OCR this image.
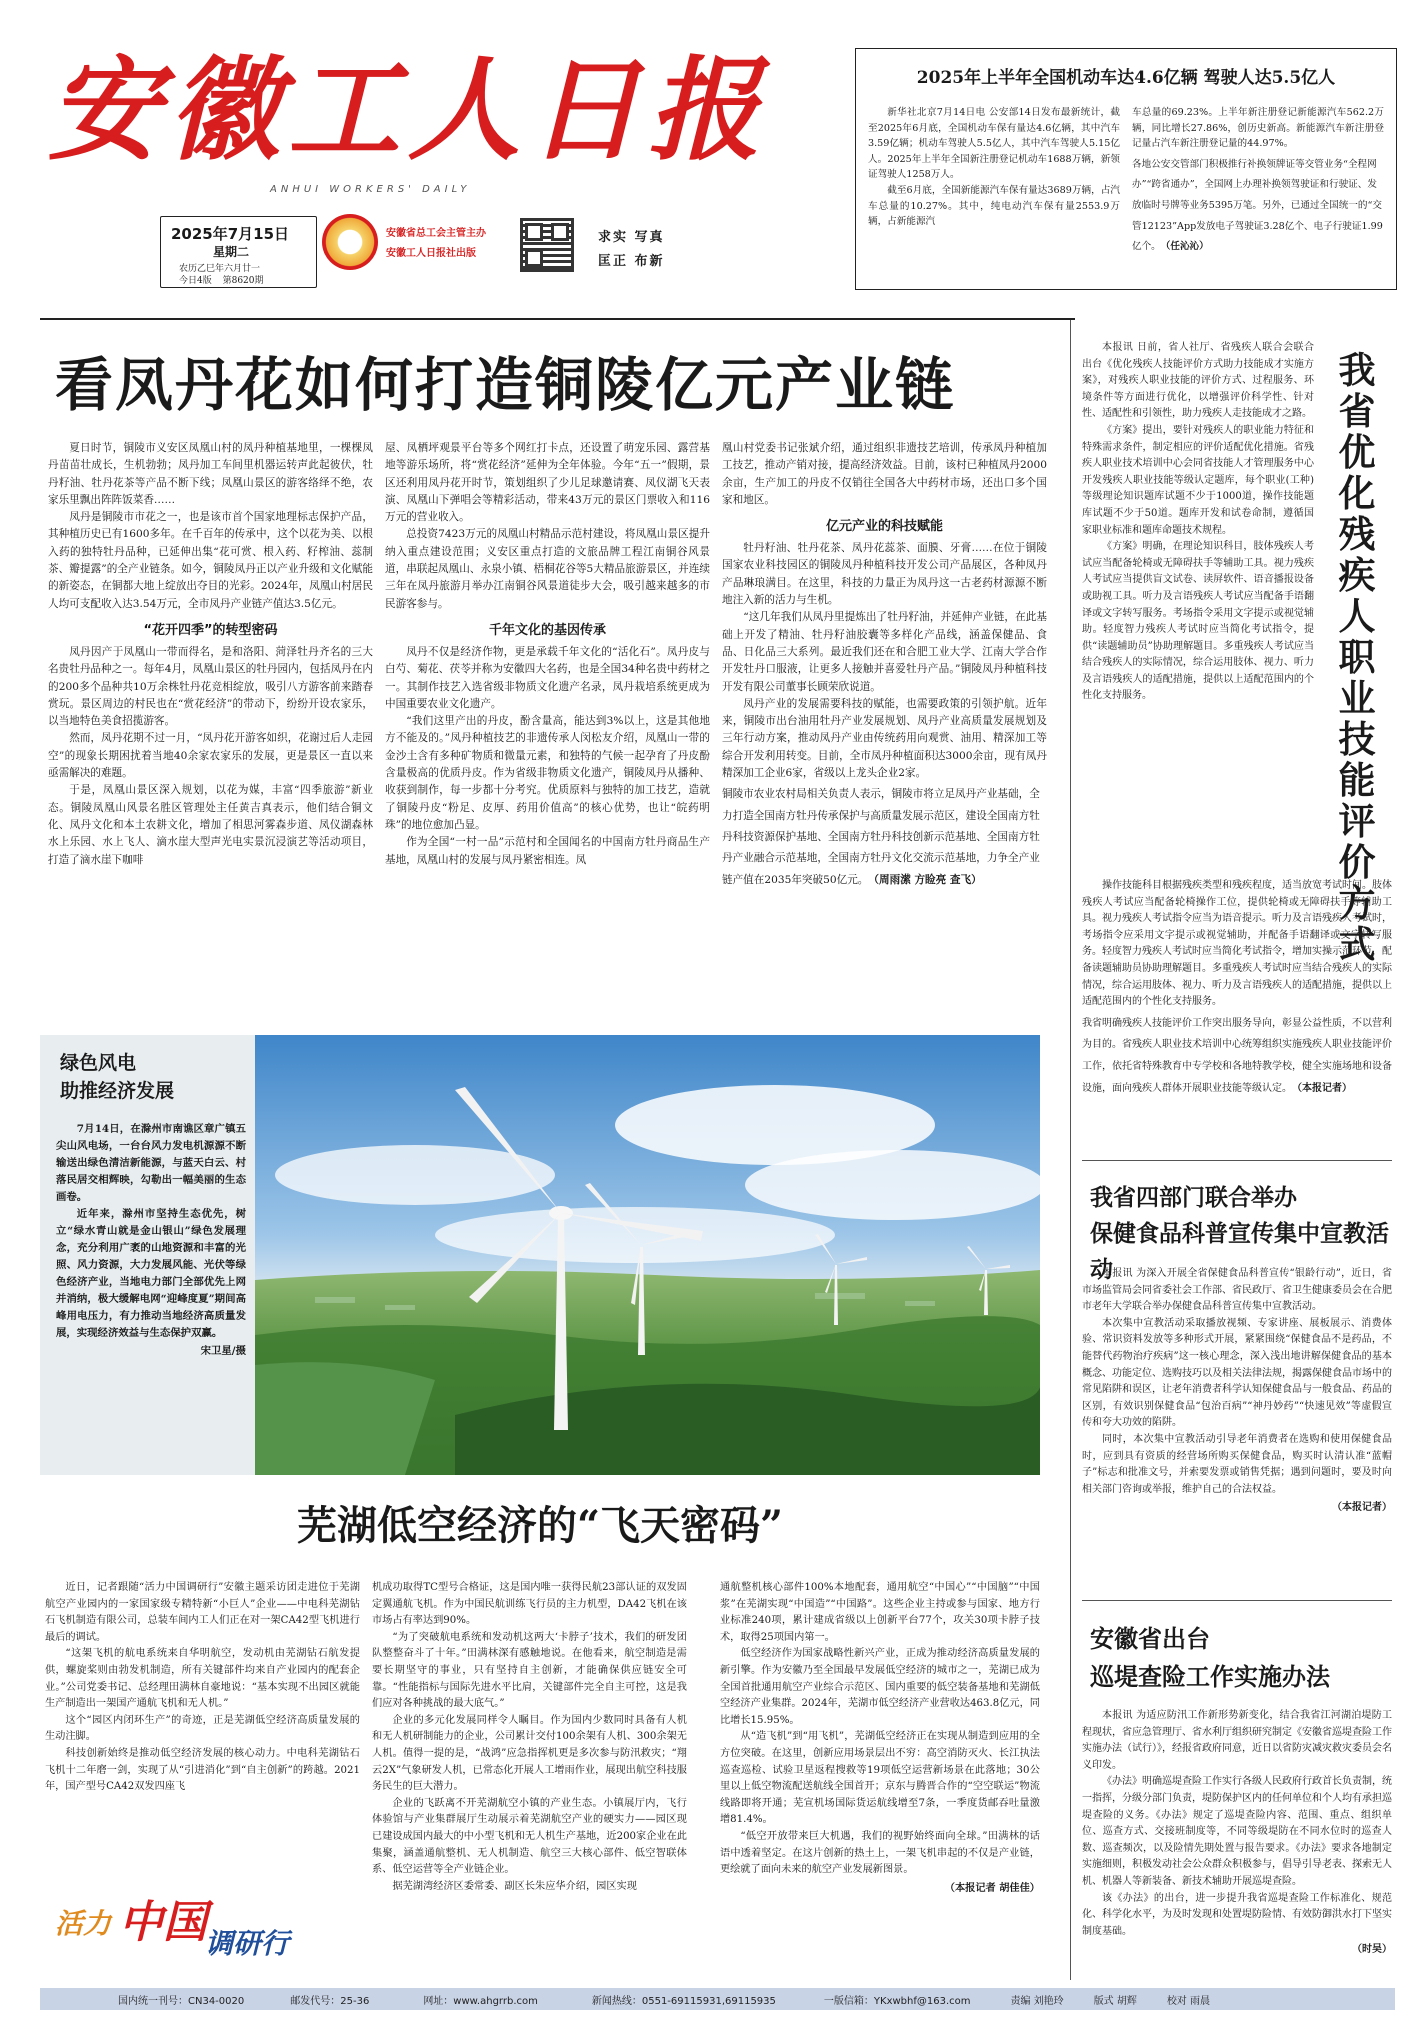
安徽工人日报
ANHUI WORKERS' DAILY
2025年7月15日
星期二
农历乙巳年六月廿一
今日4版 第8620期
安徽省总工会主管主办
安徽工人日报社出版
求实 写真
匡正 布新
2025年上半年全国机动车达4.6亿辆 驾驶人达5.5亿人

新华社北京7月14日电 公安部14日发布最新统计，截至2025年6月底，全国机动车保有量达4.6亿辆，其中汽车3.59亿辆；机动车驾驶人5.5亿人，其中汽车驾驶人5.15亿人。2025年上半年全国新注册登记机动车1688万辆，新领证驾驶人1258万人。

截至6月底，全国新能源汽车保有量达3689万辆，占汽车总量的10.27%。其中，纯电动汽车保有量2553.9万辆，占新能源汽

车总量的69.23%。上半年新注册登记新能源汽车562.2万辆，同比增长27.86%，创历史新高。新能源汽车新注册登记量占汽车新注册登记量的44.97%。

各地公安交管部门积极推行补换领牌证等交管业务“全程网办”“跨省通办”，全国网上办理补换领驾驶证和行驶证、发放临时号牌等业务5395万笔。另外，已通过全国统一的“交管12123”App发放电子驾驶证3.28亿个、电子行驶证1.99亿个。

（任沁沁）
看凤丹花如何打造铜陵亿元产业链

夏日时节，铜陵市义安区凤凰山村的凤丹种植基地里，一棵棵凤丹苗苗壮成长，生机勃勃；凤丹加工车间里机器运转声此起彼伏，牡丹籽油、牡丹花茶等产品不断下线；凤凰山景区的游客络绎不绝，农家乐里飘出阵阵饭菜香……

凤丹是铜陵市市花之一，也是该市首个国家地理标志保护产品，其种植历史已有1600多年。在千百年的传承中，这个以花为美、以根入药的独特牡丹品种，已延伸出集“花可赏、根入药、籽榨油、蕊制茶、瓣提露”的全产业链条。如今，铜陵凤丹正以产业升级和文化赋能的新姿态，在铜都大地上绽放出夺目的光彩。2024年，凤凰山村居民人均可支配收入达3.54万元，全市凤丹产业链产值达3.5亿元。

“花开四季”的转型密码

凤丹因产于凤凰山一带而得名，是和洛阳、菏泽牡丹齐名的三大名贵牡丹品种之一。每年4月，凤凰山景区的牡丹园内，包括凤丹在内的200多个品种共10万余株牡丹花竞相绽放，吸引八方游客前来踏春赏玩。景区周边的村民也在“赏花经济”的带动下，纷纷开设农家乐，以当地特色美食招揽游客。

然而，凤丹花期不过一月，“凤丹花开游客如织，花谢过后人走园空”的现象长期困扰着当地40余家农家乐的发展，更是景区一直以来亟需解决的难题。

于是，凤凰山景区深入规划，以花为媒，丰富“四季旅游”新业态。铜陵凤凰山风景名胜区管理处主任黄吉真表示，他们结合铜文化、凤丹文化和本土农耕文化，增加了相思河雾森步道、凤仪湖森林水上乐园、水上飞人、滴水崖大型声光电实景沉浸演艺等活动项目，打造了滴水崖下咖啡

屋、凤栖坪观景平台等多个网红打卡点，还设置了萌宠乐园、露营基地等游乐场所，将“赏花经济”延伸为全年体验。今年“五一”假期，景区还利用凤丹花开时节，策划组织了少儿足球邀请赛、凤仪湖飞天表演、凤凰山下弹唱会等精彩活动，带来43万元的景区门票收入和116万元的营业收入。

总投资7423万元的凤凰山村精品示范村建设，将凤凰山景区提升纳入重点建设范围；义安区重点打造的文旅品牌工程江南铜谷风景道，串联起凤凰山、永泉小镇、梧桐花谷等5大精品旅游景区，并连续三年在凤丹旅游月举办江南铜谷风景道徒步大会，吸引越来越多的市民游客参与。

千年文化的基因传承

凤丹不仅是经济作物，更是承载千年文化的“活化石”。凤丹皮与白芍、菊花、茯苓并称为安徽四大名药，也是全国34种名贵中药材之一。其制作技艺入选省级非物质文化遗产名录，凤丹栽培系统更成为中国重要农业文化遗产。

“我们这里产出的丹皮，酚含量高，能达到3%以上，这是其他地方不能及的。”凤丹种植技艺的非遗传承人闵松友介绍，凤凰山一带的金沙土含有多种矿物质和微量元素，和独特的气候一起孕育了丹皮酚含量极高的优质丹皮。作为省级非物质文化遗产，铜陵凤丹从播种、收获到制作，每一步都十分考究。优质原料与独特的加工技艺，造就了铜陵丹皮“粉足、皮厚、药用价值高”的核心优势，也让“皖药明珠”的地位愈加凸显。

作为全国“一村一品”示范村和全国闻名的中国南方牡丹商品生产基地，凤凰山村的发展与凤丹紧密相连。凤

凰山村党委书记张斌介绍，通过组织非遗技艺培训，传承凤丹种植加工技艺，推动产销对接，提高经济效益。目前，该村已种植凤丹2000余亩，生产加工的丹皮不仅销往全国各大中药材市场，还出口多个国家和地区。

亿元产业的科技赋能

牡丹籽油、牡丹花茶、凤丹花蕊茶、面膜、牙膏……在位于铜陵国家农业科技园区的铜陵凤丹种植科技开发公司产品展区，各种凤丹产品琳琅满目。在这里，科技的力量正为凤丹这一古老药材源源不断地注入新的活力与生机。

“这几年我们从凤丹里提炼出了牡丹籽油，并延伸产业链，在此基础上开发了精油、牡丹籽油胶囊等多样化产品线，涵盖保健品、食品、日化品三大系列。最近我们还在和合肥工业大学、江南大学合作开发牡丹口服液，让更多人接触并喜爱牡丹产品。”铜陵凤丹种植科技开发有限公司董事长顾荣欣说道。

凤丹产业的发展需要科技的赋能，也需要政策的引领护航。近年来，铜陵市出台油用牡丹产业发展规划、凤丹产业高质量发展规划及三年行动方案，推动凤丹产业由传统药用向观赏、油用、精深加工等综合开发利用转变。目前，全市凤丹种植面积达3000余亩，现有凤丹精深加工企业6家，省级以上龙头企业2家。

铜陵市农业农村局相关负责人表示，铜陵市将立足凤丹产业基础，全力打造全国南方牡丹传承保护与高质量发展示范区，建设全国南方牡丹科技资源保护基地、全国南方牡丹科技创新示范基地、全国南方牡丹产业融合示范基地，全国南方牡丹文化交流示范基地，力争全产业链产值在2035年突破50亿元。

（周雨潆 方睑亮 查飞）
绿色风电
助推经济发展

7月14日，在滁州市南谯区章广镇五尖山风电场，一台台风力发电机源源不断输送出绿色清洁新能源，与蓝天白云、村落民居交相辉映，勾勒出一幅美丽的生态画卷。

近年来，滁州市坚持生态优先，树立“绿水青山就是金山银山”绿色发展理念，充分利用广袤的山地资源和丰富的光照、风力资源，大力发展风能、光伏等绿色经济产业，当地电力部门全部优先上网并消纳，极大缓解电网“迎峰度夏”期间高峰用电压力，有力推动当地经济高质量发展，实现经济效益与生态保护双赢。

宋卫星/摄
芜湖低空经济的“飞天密码”

近日，记者跟随“活力中国调研行”安徽主题采访团走进位于芜湖航空产业园内的一家国家级专精特新“小巨人”企业——中电科芜湖钻石飞机制造有限公司，总装车间内工人们正在对一架CA42型飞机进行最后的调试。

“这架飞机的航电系统来自华明航空，发动机由芜湖钻石航发提供，螺旋桨则由勃发机制造，所有关键部件均来自产业园内的配套企业。”公司党委书记、总经理田满林自豪地说：“基本实现不出园区就能生产制造出一架国产通航飞机和无人机。”

这个“园区内闭环生产”的奇迹，正是芜湖低空经济高质量发展的生动注脚。

科技创新始终是推动低空经济发展的核心动力。中电科芜湖钻石飞机十二年磨一剑，实现了从“引进消化”到“自主创新”的跨越。2021年，国产型号CA42双发四座飞

活力 中国
调研行

机成功取得TC型号合格证，这是国内唯一获得民航23部认证的双发固定翼通航飞机。作为中国民航训练飞行员的主力机型，DA42飞机在该市场占有率达到90%。

“为了突破航电系统和发动机这两大‘卡脖子’技术，我们的研发团队整整奋斗了十年。”田满林深有感触地说。在他看来，航空制造是需要长期坚守的事业，只有坚持自主创新，才能确保供应链安全可靠。“性能指标与国际先进水平比肩，关键部件完全自主可控，这是我们应对各种挑战的最大底气。”

企业的多元化发展同样令人瞩目。作为国内少数同时具备有人机和无人机研制能力的企业，公司累计交付100余架有人机、300余架无人机。值得一提的是，“战鸿”应急指挥机更是多次参与防汛救灾；“翔云2X”气象研发人机，已常态化开展人工增雨作业，展现出航空科技服务民生的巨大潜力。

企业的飞跃离不开芜湖航空小镇的产业生态。小镇展厅内，飞行体验馆与产业集群展厅生动展示着芜湖航空产业的硬实力——园区现已建设成国内最大的中小型飞机和无人机生产基地，近200家企业在此集聚，涵盖通航整机、无人机制造、航空三大核心部件、低空智联体系、低空运营等全产业链企业。

据芜湖湾经济区委常委、副区长朱应华介绍，园区实现

通航整机核心部件100%本地配套，通用航空“中国心”“中国脑”“中国浆”在芜湖实现“中国造”“中国路”。这些企业主持或参与国家、地方行业标准240项，累计建成省级以上创新平台77个，攻关30项卡脖子技术，取得25项国内第一。

低空经济作为国家战略性新兴产业，正成为推动经济高质量发展的新引擎。作为安徽乃至全国最早发展低空经济的城市之一，芜湖已成为全国首批通用航空产业综合示范区、国内重要的低空装备基地和芜湖低空经济产业集群。2024年，芜湖市低空经济产业营收达463.8亿元，同比增长15.95%。

从“造飞机”到“用飞机”，芜湖低空经济正在实现从制造到应用的全方位突破。在这里，创新应用场景层出不穷：高空消防灭火、长江执法巡查巡检、试验卫星返程搜救等19项低空运营新场景在此落地；30公里以上低空物流配送航线全国首开；京东与腾晋合作的“空空联运”物流线路即将开通；芜宣机场国际货运航线增至7条，一季度货邮吞吐量激增81.4%。

“低空开放带来巨大机遇，我们的视野始终面向全球。”田满林的话语中透着坚定。在这片创新的热土上，一架飞机串起的不仅是产业链，更绘就了面向未来的航空产业发展新图景。

（本报记者 胡佳佳）

本报讯 日前，省人社厅、省残疾人联合会联合出台《优化残疾人技能评价方式助力技能成才实施方案》，对残疾人职业技能的评价方式、过程服务、环境条件等方面进行优化，以增强评价科学性、针对性、适配性和引领性，助力残疾人走技能成才之路。

《方案》提出，要针对残疾人的职业能力特征和特殊需求条件，制定相应的评价适配优化措施。省残疾人职业技术培训中心会同省技能人才管理服务中心开发残疾人职业技能等级认定题库，每个职业(工种)等级理论知识题库试题不少于1000道，操作技能题库试题不少于50道。题库开发和试卷命制，遵循国家职业标准和题库命题技术规程。

《方案》明确，在理论知识科目，肢体残疾人考试应当配备轮椅或无障碍扶手等辅助工具。视力残疾人考试应当提供盲文试卷、读屏软件、语音播报设备或助视工具。听力及言语残疾人考试应当配备手语翻译或文字转写服务。考场指令采用文字提示或视觉辅助。轻度智力残疾人考试时应当简化考试指令，提供“读题辅助员”协助理解题目。多重残疾人考试应当结合残疾人的实际情况，综合运用肢体、视力、听力及言语残疾人的适配措施，提供以上适配范围内的个性化支持服务。

我省优化残疾人职业技能评价方式

操作技能科目根据残疾类型和残疾程度，适当放宽考试时间。肢体残疾人考试应当配备轮椅操作工位，提供轮椅或无障碍扶手等辅助工具。视力残疾人考试指令应当为语音提示。听力及言语残疾人考试时，考场指令应采用文字提示或视觉辅助，并配备手语翻译或文字转写服务。轻度智力残疾人考试时应当简化考试指令，增加实操示范环节，配备读题辅助员协助理解题目。多重残疾人考试时应当结合残疾人的实际情况，综合运用肢体、视力、听力及言语残疾人的适配措施，提供以上适配范围内的个性化支持服务。

我省明确残疾人技能评价工作突出服务导向，彰显公益性质，不以营利为目的。省残疾人职业技术培训中心统筹组织实施残疾人职业技能评价工作，依托省特殊教育中专学校和各地特教学校，健全实施场地和设备设施，面向残疾人群体开展职业技能等级认定。

（本报记者）
我省四部门联合举办
保健食品科普宣传集中宣教活动

本报讯 为深入开展全省保健食品科普宣传“银龄行动”，近日，省市场监管局会同省委社会工作部、省民政厅、省卫生健康委员会在合肥市老年大学联合举办保健食品科普宣传集中宣教活动。

本次集中宣教活动采取播放视频、专家讲座、展板展示、消费体验、常识资料发放等多种形式开展，紧紧围绕“保健食品不是药品，不能替代药物治疗疾病”这一核心理念，深入浅出地讲解保健食品的基本概念、功能定位、选购技巧以及相关法律法规，揭露保健食品市场中的常见陷阱和误区，让老年消费者科学认知保健食品与一般食品、药品的区别，有效识别保健食品“包治百病”“神丹妙药”“快速见效”等虚假宣传和夸大功效的陷阱。

同时，本次集中宣教活动引导老年消费者在选购和使用保健食品时，应到具有资质的经营场所购买保健食品，购买时认清认准“蓝帽子”标志和批准文号，并索要发票或销售凭据；遇到问题时，要及时向相关部门咨询或举报，维护自己的合法权益。

（本报记者）
安徽省出台
巡堤查险工作实施办法

本报讯 为适应防汛工作新形势新变化，结合我省江河湖泊堤防工程现状，省应急管理厅、省水利厅组织研究制定《安徽省巡堤查险工作实施办法（试行）》，经报省政府同意，近日以省防灾减灾救灾委员会名义印发。

《办法》明确巡堤查险工作实行各级人民政府行政首长负责制，统一指挥，分级分部门负责，堤防保护区内的任何单位和个人均有承担巡堤查险的义务。《办法》规定了巡堤查险内容、范围、重点、组织单位、巡查方式、交接班制度等，不同等级堤防在不同水位时的巡查人数、巡查频次，以及险情先期处置与报告要求。《办法》要求各地制定实施细则，积极发动社会公众群众积极参与，倡导引导老表、探索无人机、机器人等新装备、新技术辅助开展巡堤查险。

该《办法》的出台，进一步提升我省巡堤查险工作标准化、规范化、科学化水平，为及时发现和处置堤防险情、有效防御洪水打下坚实制度基础。

（时吴）
国内统一刊号：CN34-0020	邮发代号：25-36	网址：www.ahgrrb.com	新闻热线：0551-69115931,69115935	一版信箱：YKxwbhf@163.com	责编 刘艳玲	版式 胡辉	校对 雨晨
